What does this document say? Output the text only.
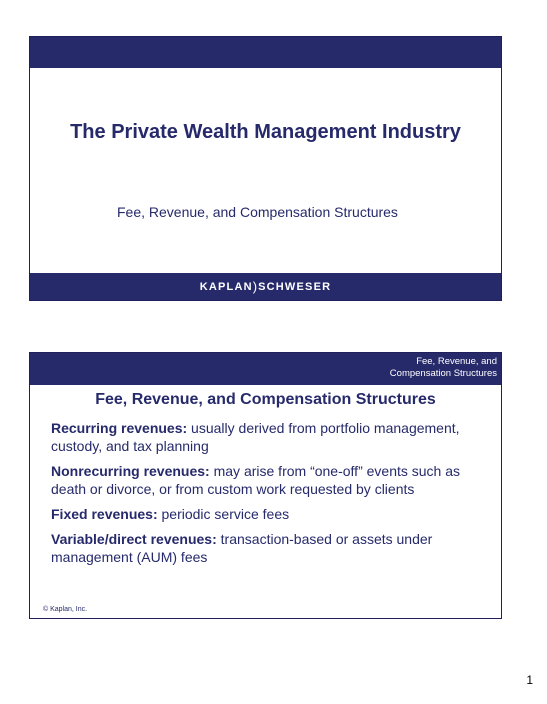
The Private Wealth Management Industry
Fee, Revenue, and Compensation Structures
KAPLAN ) SCHWESER
Fee, Revenue, and
Compensation Structures
Fee, Revenue, and Compensation Structures
Recurring revenues: usually derived from portfolio management, custody, and tax planning
Nonrecurring revenues: may arise from “one-off” events such as death or divorce, or from custom work requested by clients
Fixed revenues: periodic service fees
Variable/direct revenues: transaction-based or assets under management (AUM) fees
© Kaplan, Inc.
1
